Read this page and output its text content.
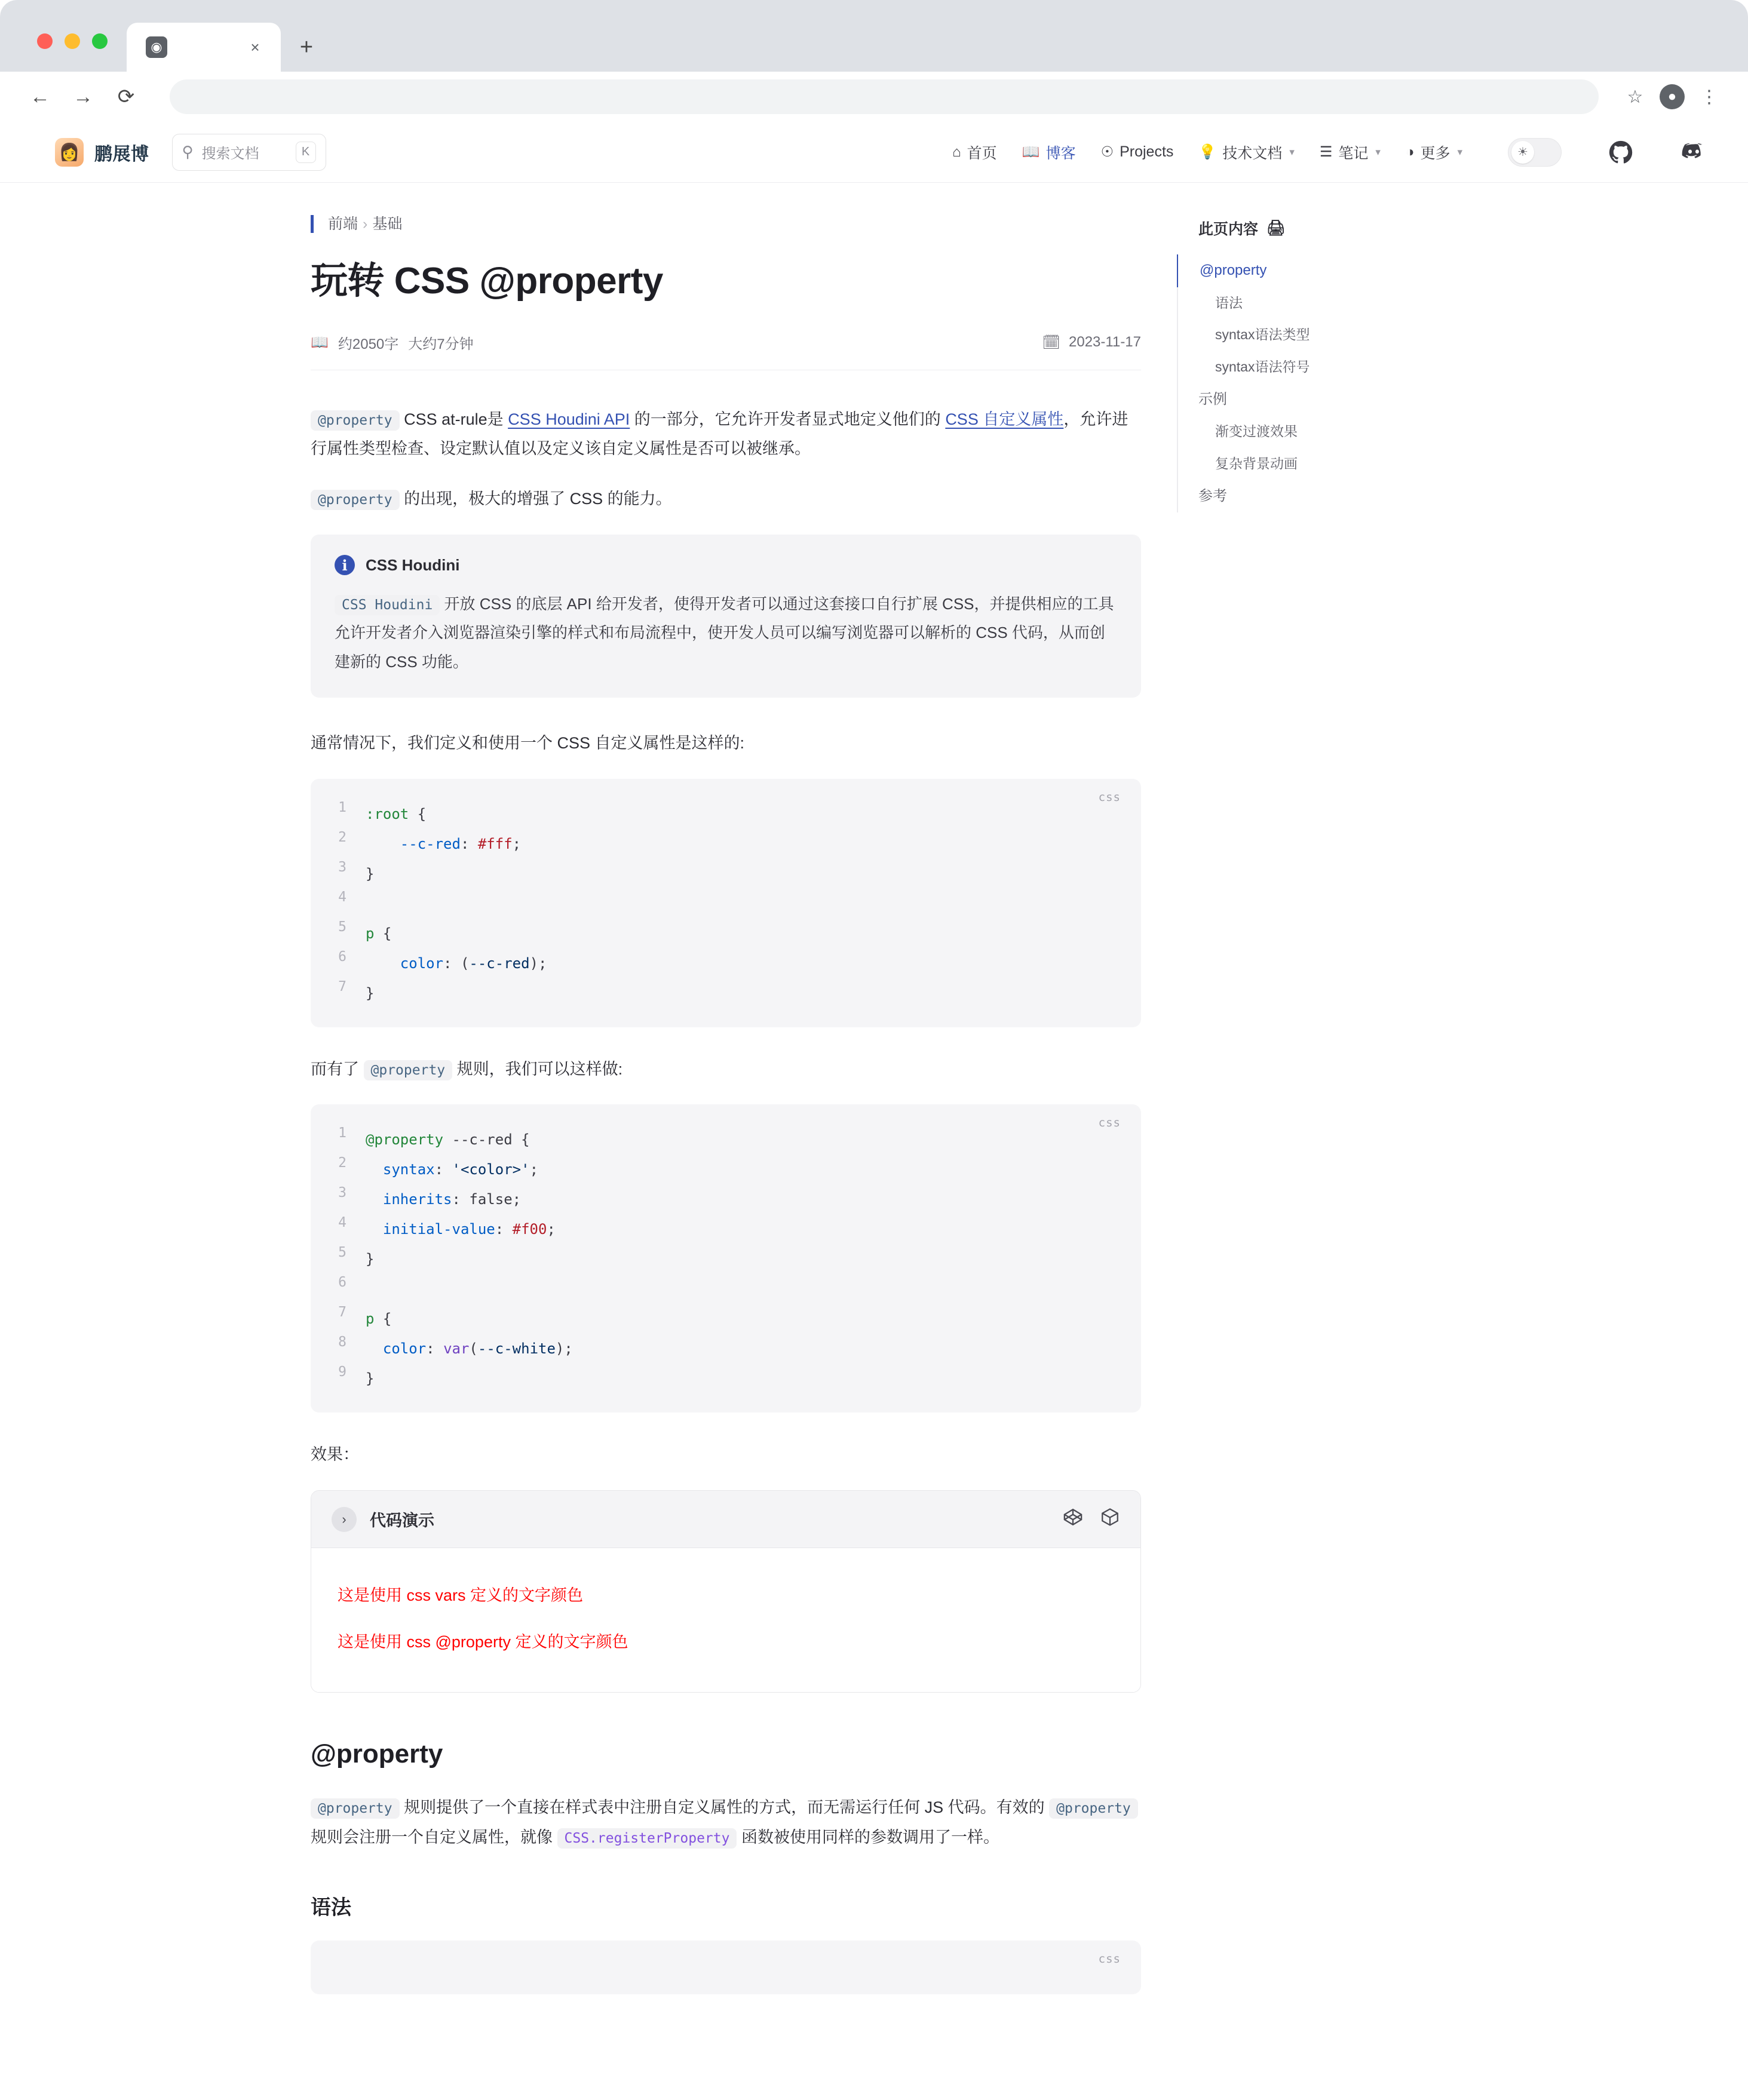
◉	× +
←	→	⟳	☆	●	⋮
👩 鹏展博 ⚲ 搜索文档	K	⌂ 首页 📖 博客 ☉ Projects 💡 技术文档 ▾ ☰ 笔记 ▾ ◑ 更多 ▾	☀
前端 › 基础
玩转 CSS @property
📖 约2050字 大约7分钟	🗓 2023-11-17

@property CSS at-rule是 CSS Houdini API 的一部分，它允许开发者显式地定义他们的 CSS 自定义属性，允许进行属性类型检查、设定默认值以及定义该自定义属性是否可以被继承。

@property 的出现，极大的增强了 CSS 的能力。

i	CSS Houdini
CSS Houdini 开放 CSS 的底层 API 给开发者，使得开发者可以通过这套接口自行扩展 CSS，并提供相应的工具允许开发者介入浏览器渲染引擎的样式和布局流程中，使开发人员可以编写浏览器可以解析的 CSS 代码，从而创建新的 CSS 功能。

通常情况下，我们定义和使用一个 CSS 自定义属性是这样的:

css
1	:root {
2	--c-red: #fff;
3	}
4	
5	p {
6	color: (--c-red);
7	}

而有了 @property 规则，我们可以这样做:

css
1	@property --c-red {
2	syntax: '<color>';
3	inherits: false;
4	initial-value: #f00;
5	}
6	
7	p {
8	color: var(--c-white);
9	}

效果：

›	代码演示
这是使用 css vars 定义的文字颜色
这是使用 css @property 定义的文字颜色
@property

@property 规则提供了一个直接在样式表中注册自定义属性的方式，而无需运行任何 JS 代码。有效的 @property 规则会注册一个自定义属性，就像 CSS.registerProperty 函数被使用同样的参数调用了一样。

语法
css
此页内容 🖨
@property
语法
syntax语法类型
syntax语法符号
示例
渐变过渡效果
复杂背景动画
参考
